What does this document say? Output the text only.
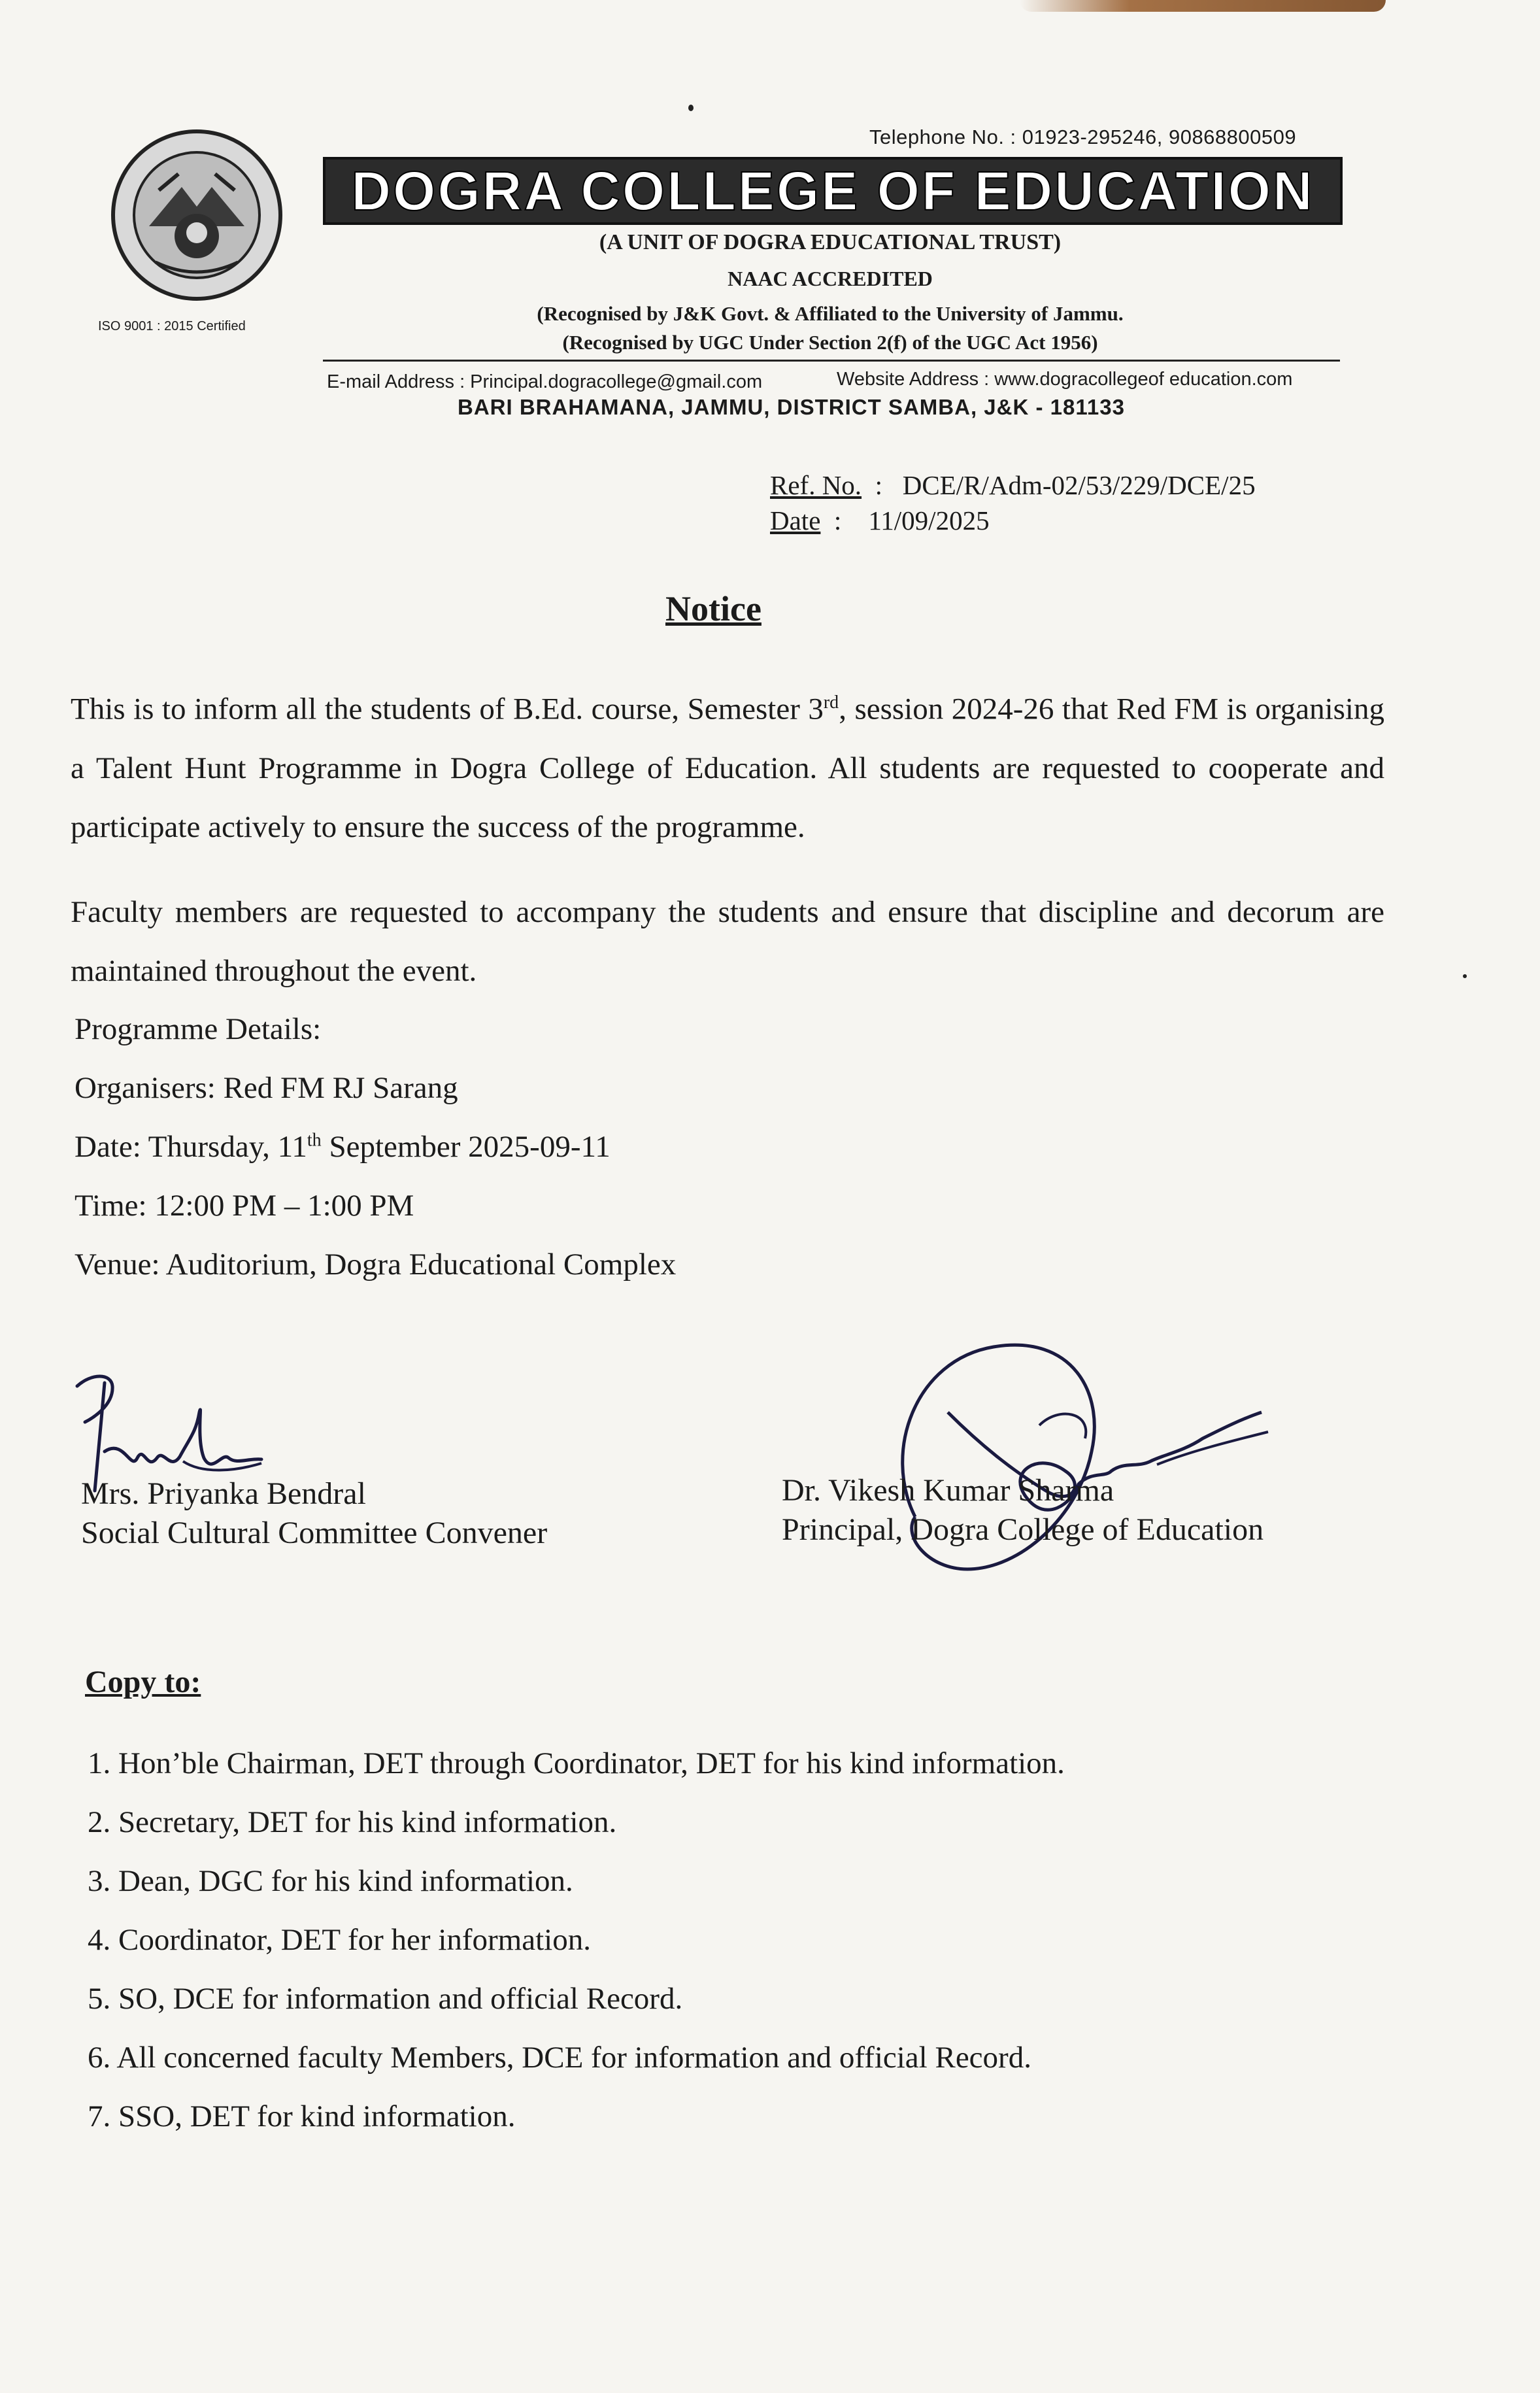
ISO 9001 : 2015 Certified
Telephone No. : 01923-295246, 9086880050​9
DOGRA COLLEGE OF EDUCATION
(A UNIT OF DOGRA EDUCATIONAL TRUST)
NAAC ACCREDITED
(Recognised by J&K Govt. & Affiliated to the University of Jammu.
(Recognised by UGC Under Section 2(f) of the UGC Act 1956)
E-mail Address : Principal.dogracollege@gmail.com	Website Address : www.dogracollegeof education.com
BARI BRAHAMANA, JAMMU, DISTRICT SAMBA, J&K - 181133
Ref. No.  :   DCE/R/Adm-02/53/229/DCE/25
Date  :    11/09/2025
Notice
This is to inform all the students of B.Ed. course, Semester 3rd, session 2024-26 that Red FM is organising a Talent Hunt Programme in Dogra College of Education. All students are requested to cooperate and participate actively to ensure the success of the programme.
Faculty members are requested to accompany the students and ensure that discipline and decorum are maintained throughout the event.
Programme Details:
Organisers: Red FM RJ Sarang
Date: Thursday, 11th September 2025-09-11
Time: 12:00 PM – 1:00 PM
Venue: Auditorium, Dogra Educational Complex
Mrs. Priyanka Bendral
Social Cultural Committee Convener
Dr. Vikesh Kumar Sharma
Principal, Dogra College of Education
Copy to:
1. Hon’ble Chairman, DET through Coordinator, DET for his kind information.
2. Secretary, DET for his kind information.
3. Dean, DGC for his kind information.
4. Coordinator, DET for her information.
5. SO, DCE for information and official Record.
6. All concerned faculty Members, DCE for information and official Record.
7. SSO, DET for kind information.
